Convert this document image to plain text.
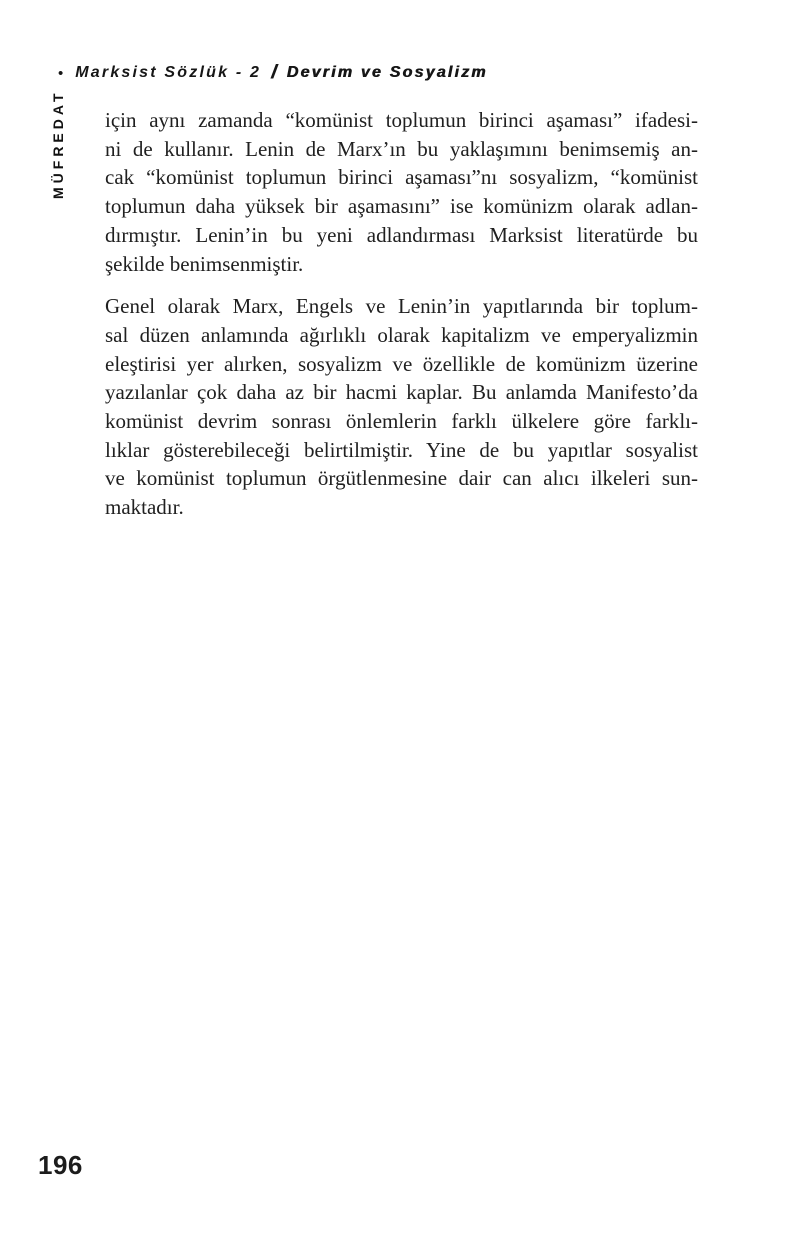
• Marksist Sözlük - 2 / Devrim ve Sosyalizm
MÜFREDAT için aynı zamanda “komünist toplumun birinci aşaması” ifadesi-
ni de kullanır. Lenin de Marx’ın bu yaklaşımını benimsemiş an-
cak “komünist toplumun birinci aşaması”nı sosyalizm, “komünist
toplumun daha yüksek bir aşamasını” ise komünizm olarak adlan-
dırmıştır. Lenin’in bu yeni adlandırması Marksist literatürde bu
şekilde benimsenmiştir.
Genel olarak Marx, Engels ve Lenin’in yapıtlarında bir toplum-
sal düzen anlamında ağırlıklı olarak kapitalizm ve emperyalizmin
eleştirisi yer alırken, sosyalizm ve özellikle de komünizm üzerine
yazılanlar çok daha az bir hacmi kaplar. Bu anlamda Manifesto’da
komünist devrim sonrası önlemlerin farklı ülkelere göre farklı-
lıklar gösterebileceği belirtilmiştir. Yine de bu yapıtlar sosyalist
ve komünist toplumun örgütlenmesine dair can alıcı ilkeleri sun-
maktadır.
196
